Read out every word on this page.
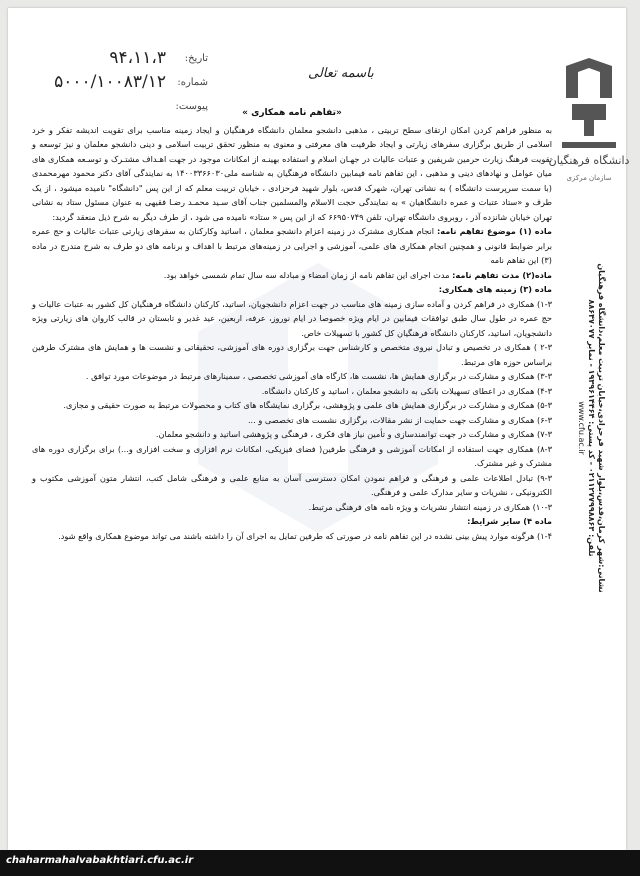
دانشگاه فرهنگیان
سازمان مرکزی
نشانی:شهر کرمان،قدس،بلوار شهید فرحزادی،خیابان تربیت معلم،دانشگاه فرهنگیان
تلفن: ۰۲۱۱۲۷۷۹۹۸۸۶۳ - کد پستی: ۱۹۳۹۶۱۴۴۶۴ - نمابر ۸۸۶۴۷۰۷۷
www.cfu.ac.ir
تاریخ:
۹۴،۱۱،۳
شماره:
۵۰۰۰/۱۰۰۸۳/۱۲
پیوست:
باسمه تعالی
«تفاهم نامه همکاری »

به منظور فراهم کردن امکان ارتقای سطح تربیتی ، مذهبی دانشجو معلمان دانشگاه فرهنگیان و ایجاد زمینه مناسب برای تقویت اندیشه تفکر و خرد اسلامی از طریق برگزاری سفرهای زیارتی و ایجاد ظرفیت های معرفتی و معنوی به منظور تحقق تربیت اسلامی و دینی دانشجو معلمان و نیز توسعه و تقویت فرهنگ زیارت حرمین شریفین و عتبات عالیات در جهـان اسلام و استفاده بهینـه از امکانات موجود در جهت اهـداف مشتـرک و توسـعه همکاری های میان عوامل و نهادهای دینی و مذهبی ، این تفاهم نامه فیمابین دانشگاه فرهنگیان به شناسه ملی۱۴۰۰۳۳۶۶۰۳۰ به نمایندگی آقای دکتر محمود مهرمحمدی (با سمت سرپرست دانشگاه ) به نشانی تهران، شهرک قدس، بلوار شهید فرحزادی ، خیابان تربیت معلم که از این پس "دانشگاه" نامیده میشود ، از یک طرف و «ستاد عتبات و عمره دانشگاهیان » به نمایندگی حجت الاسلام والمسلمین جناب آقای سـید محمـد رضـا فقیهی به عنوان مسئول ستاد به نشانی تهران خیابان شانزده آذر ، روبروی دانشگاه تهران، تلفن ۶۶۹۵۰۷۴۹ که از این پس « ستاد» نامیده می شود ، از طرف دیگر به شرح ذیل منعقد گردید:

ماده (۱) موضوع تفاهم نامه: انجام همکاری مشترک در زمینه اعزام دانشجو معلمان ، اساتید وکارکنان به سفرهای زیارتی عتبات عالیات و حج عمره برابر ضوابط قانونی و همچنین انجام همکاری های علمی، آموزشی و اجرایی در زمینه‌های مرتبط با اهداف و برنامه های دو طرف به شرح مندرج در ماده (۳) این تفاهم نامه

ماده(۲) مدت تفاهم نامه: مدت اجرای این تفاهم نامه از زمان امضاء و مبادله سه سال تمام شمسی خواهد بود.

ماده (۳) زمینه های همکاری:

۱-۳) همکاری در فراهم کردن و آماده سازی زمینه های مناسب در جهت اعزام دانشجویان، اساتید، کارکنان دانشگاه فرهنگیان کل کشور به عتبات عالیات و حج عمره در طول سال طبق توافقات فیمابین در ایام ویژه خصوصا در ایام نوروز، عرفه، اربعین، عید غدیر و تابستان در قالب کاروان های زیارتی ویژه دانشجویان، اساتید، کارکنان دانشگاه فرهنگیان کل کشور با تسهیلات خاص.

۲-۳ ) همکاری در تخصیص و تبادل نیروی متخصص و کارشناس جهت برگزاری دوره های آموزشی، تحقیقاتی و نشست ها و همایش های مشترک طرفین براساس حوزه های مرتبط.

۳-۳) همکاری و مشارکت در برگزاری همایش ها، نشست ها، کارگاه های آموزشی تخصصی ، سمینارهای مرتبط در موضوعات مورد توافق .

۴-۳) همکاری در اعطای تسهیلات بانکی به دانشجو معلمان ، اساتید و کارکنان دانشگاه.

۵-۳) همکاری و مشارکت در برگزاری همایش های علمی و پژوهشی، برگزاری نمایشگاه های کتاب و محصولات مرتبط به صورت حقیقی و مجازی.

۶-۳) همکاری و مشارکت جهت حمایت از نشر مقالات، برگزاری نشست های تخصصی و ...

۷-۳) همکاری و مشارکت در جهت توانمندسازی و تأمین نیاز های فکری ، فرهنگی و پژوهشی اساتید و دانشجو معلمان.

۸-۳) همکاری جهت استفاده از امکانات آموزشی و فرهنگی طرفین( فضای فیزیکی، امکانات نرم افزاری و سخت افزاری و...) برای برگزاری دوره های مشترک و غیر مشترک.

۹-۳) تبادل اطلاعات علمی و فرهنگی و فراهم نمودن امکان دسترسی آسان به منابع علمی و فرهنگی شامل کتب، انتشار متون آموزشی مکتوب و الکترونیکی ، نشریات و سایر مدارک علمی و فرهنگی.

۱۰-۳) همکاری در زمینه انتشار نشریات و ویژه نامه های فرهنگی مرتبط.

ماده ۴) سایر شرایط:

۱-۴) هرگونه موارد پیش بینی نشده در این تفاهم نامه در صورتی که طرفین تمایل به اجرای آن را داشته باشند می تواند موضوع همکاری واقع شود.

chaharmahalvabakhtiari.cfu.ac.ir
